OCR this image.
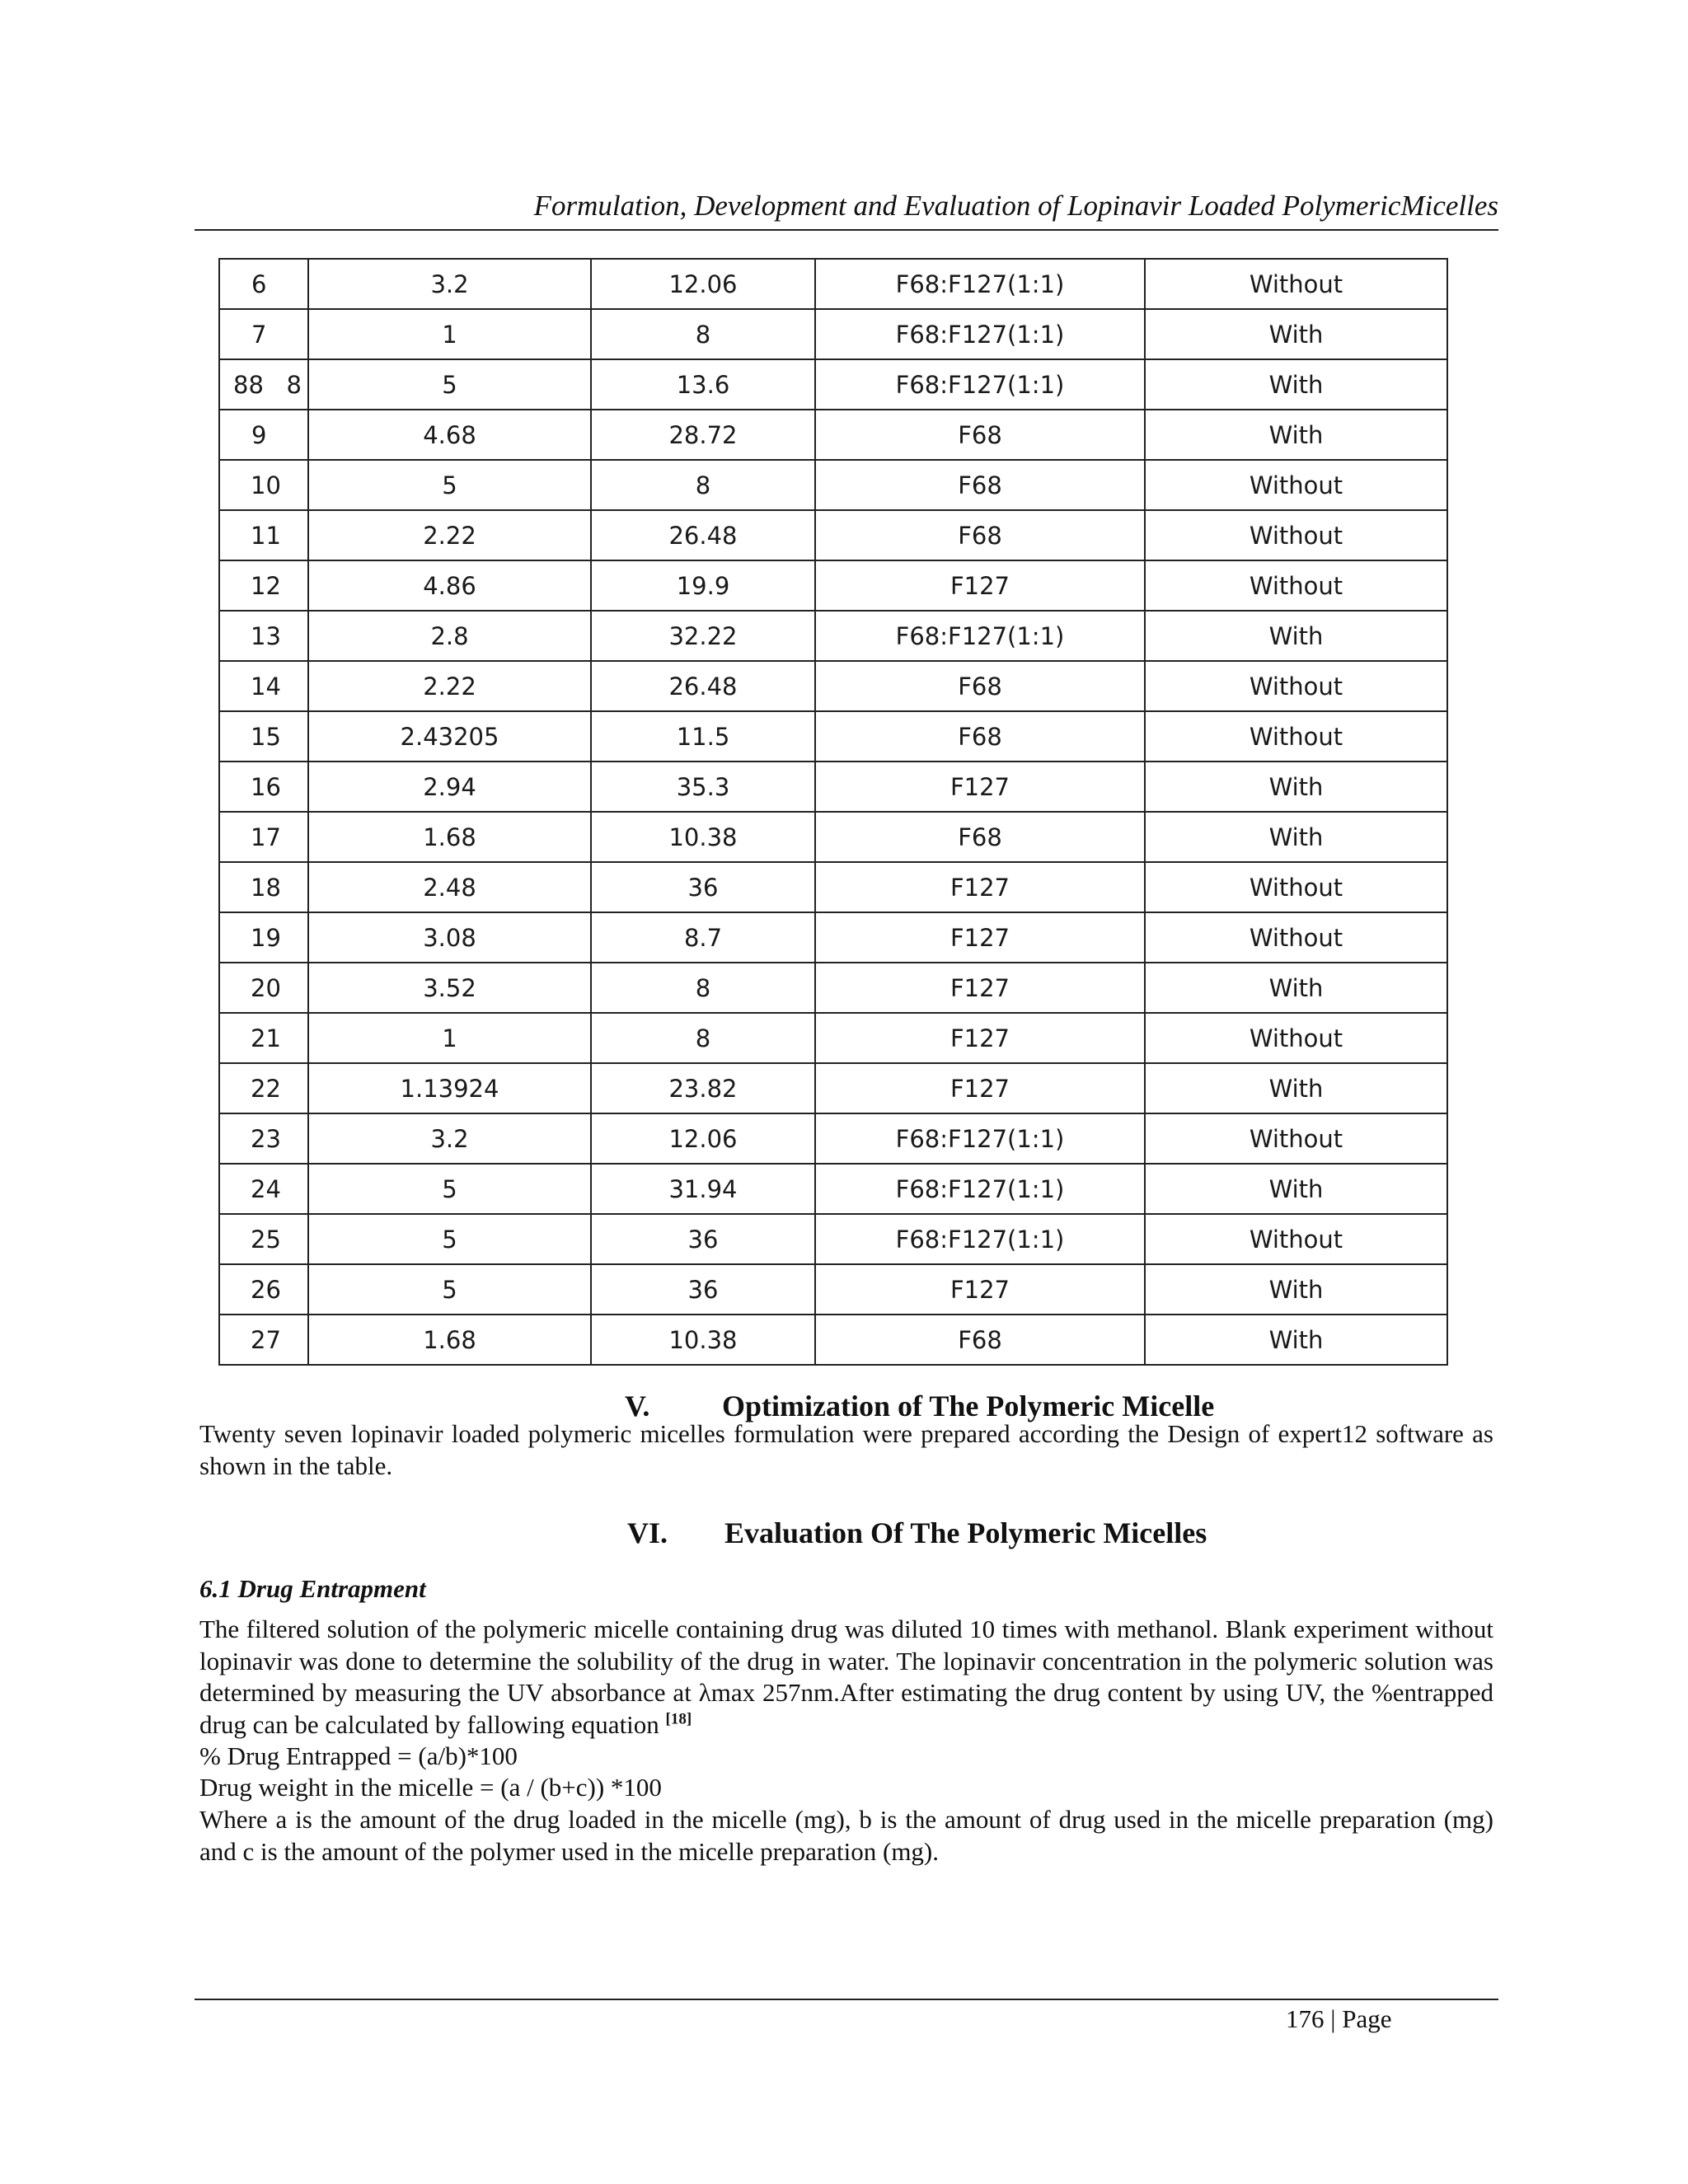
Formulation, Development and Evaluation of Lopinavir Loaded PolymericMicelles
6	3.2	12.06	F68:F127(1:1)	Without
7	1	8	F68:F127(1:1)	With
88   8	5	13.6	F68:F127(1:1)	With
9	4.68	28.72	F68	With
10	5	8	F68	Without
11	2.22	26.48	F68	Without
12	4.86	19.9	F127	Without
13	2.8	32.22	F68:F127(1:1)	With
14	2.22	26.48	F68	Without
15	2.43205	11.5	F68	Without
16	2.94	35.3	F127	With
17	1.68	10.38	F68	With
18	2.48	36	F127	Without
19	3.08	8.7	F127	Without
20	3.52	8	F127	With
21	1	8	F127	Without
22	1.13924	23.82	F127	With
23	3.2	12.06	F68:F127(1:1)	Without
24	5	31.94	F68:F127(1:1)	With
25	5	36	F68:F127(1:1)	Without
26	5	36	F127	With
27	1.68	10.38	F68	With
V. Optimization of The Polymeric Micelle
Twenty seven lopinavir loaded polymeric micelles formulation were prepared according the Design of expert12 software as shown in the table.
VI. Evaluation Of The Polymeric Micelles
6.1 Drug Entrapment
The filtered solution of the polymeric micelle containing drug was diluted 10 times with methanol. Blank experiment without lopinavir was done to determine the solubility of the drug in water. The lopinavir concentration in the polymeric solution was determined by measuring the UV absorbance at λmax 257nm.After estimating the drug content by using UV, the %entrapped drug can be calculated by fallowing equation [18]
% Drug Entrapped = (a/b)*100
Drug weight in the micelle = (a / (b+c)) *100
Where a is the amount of the drug loaded in the micelle (mg), b is the amount of drug used in the micelle preparation (mg) and c is the amount of the polymer used in the micelle preparation (mg).
176 | Page
